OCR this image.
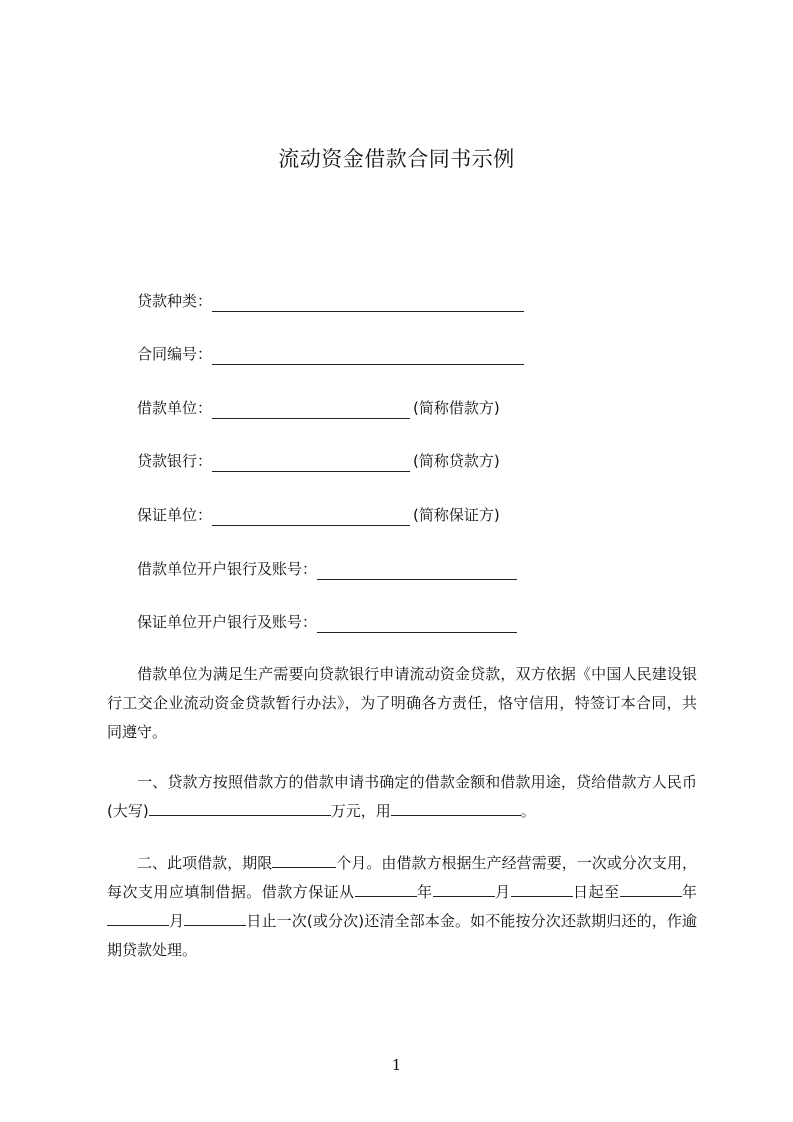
流动资金借款合同书示例
贷款种类：
合同编号：
借款单位：	(简称借款方)
贷款银行：	(简称贷款方)
保证单位：	(简称保证方)
借款单位开户银行及账号：
保证单位开户银行及账号：
借款单位为满足生产需要向贷款银行申请流动资金贷款，双方依据《中国人民建设银行工交企业流动资金贷款暂行办法》，为了明确各方责任，恪守信用，特签订本合同，共同遵守。
一、贷款方按照借款方的借款申请书确定的借款金额和借款用途，贷给借款方人民币(大写)	万元，用	。
二、此项借款，期限	个月。由借款方根据生产经营需要，一次或分次支用，每次支用应填制借据。借款方保证从	年	月	日起至	年月	日止一次(或分次)还清全部本金。如不能按分次还款期归还的，作逾期贷款处理。
1
